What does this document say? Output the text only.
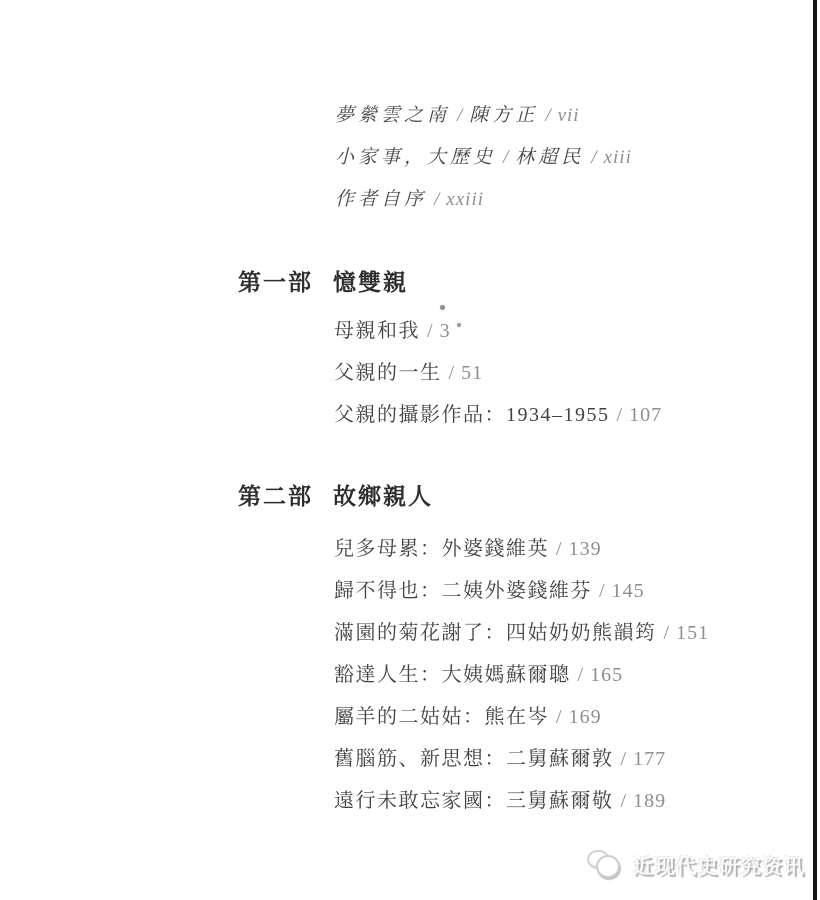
夢縈雲之南 / 陳方正 / vii
小家事，大歷史 / 林超民 / xiii
作者自序 / xxiii
第一部 憶雙親
母親和我 / 3
父親的一生 / 51
父親的攝影作品：1934–1955 / 107
第二部 故鄉親人
兒多母累：外婆錢維英 / 139
歸不得也：二姨外婆錢維芬 / 145
滿園的菊花謝了：四姑奶奶熊韻筠 / 151
豁達人生：大姨媽蘇爾聰 / 165
屬羊的二姑姑：熊在岑 / 169
舊腦筋、新思想：二舅蘇爾敦 / 177
遠行未敢忘家國：三舅蘇爾敬 / 189
近现代史研究资讯
